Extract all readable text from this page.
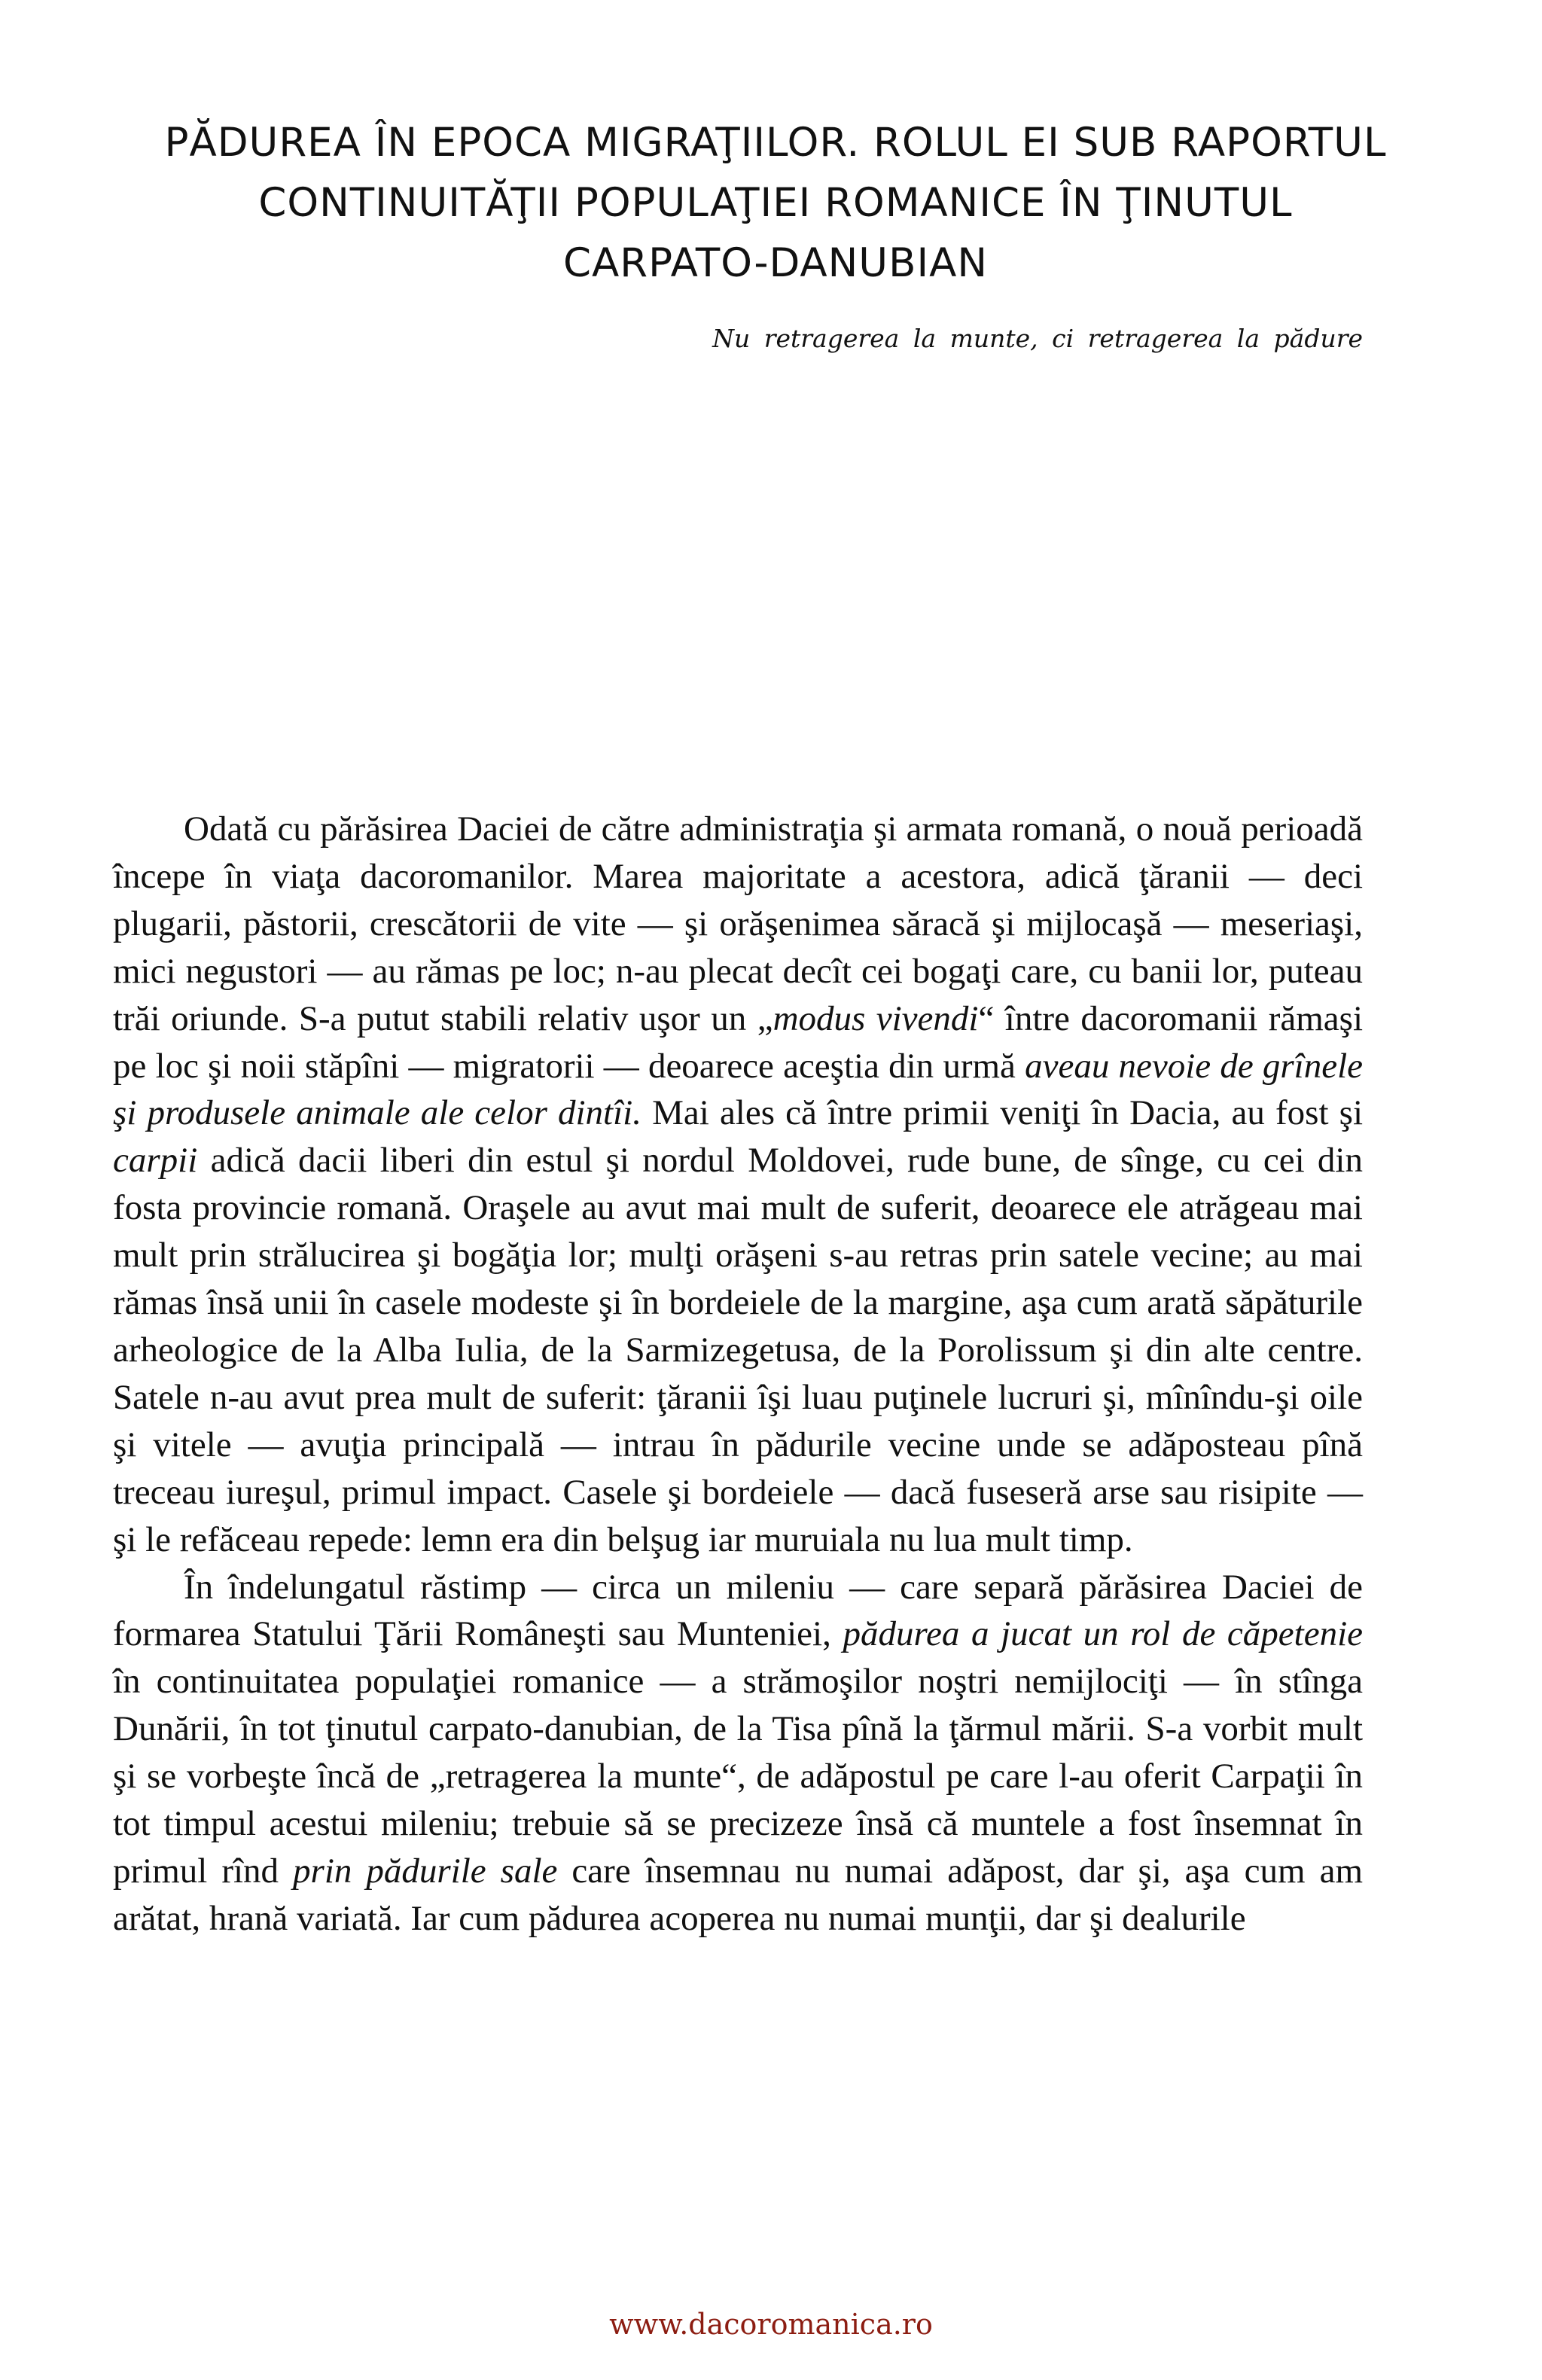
PĂDUREA ÎN EPOCA MIGRAŢIILOR. ROLUL EI SUB RAPORTUL
CONTINUITĂŢII POPULAŢIEI ROMANICE ÎN ŢINUTUL
CARPATO-DANUBIAN
Nu retragerea la munte, ci retragerea la pădure

Odată cu părăsirea Daciei de către administraţia şi armata romană, o nouă perioadă începe în viaţa dacoromanilor. Marea majoritate a acestora, adică ţăranii — deci plugarii, păstorii, crescătorii de vite — şi orăşenimea săracă şi mijlocaşă — meseriaşi, mici negustori — au rămas pe loc; n-au plecat decît cei bogaţi care, cu banii lor, puteau trăi oriunde. S-a putut stabili relativ uşor un „modus vivendi“ între dacoromanii rămaşi pe loc şi noii stăpîni — migratorii — deoarece aceştia din urmă aveau nevoie de grînele şi produsele animale ale celor dintîi. Mai ales că între primii veniţi în Dacia, au fost şi carpii adică dacii liberi din estul şi nordul Moldovei, rude bune, de sînge, cu cei din fosta provincie romană. Oraşele au avut mai mult de suferit, deoarece ele atrăgeau mai mult prin strălucirea şi bogăţia lor; mulţi orăşeni s-au retras prin satele vecine; au mai rămas însă unii în casele modeste şi în bordeiele de la margine, aşa cum arată săpăturile arheologice de la Alba Iulia, de la Sarmizegetusa, de la Porolissum şi din alte centre. Satele n-au avut prea mult de suferit: ţăranii îşi luau puţinele lucruri şi, mînîndu-şi oile şi vitele — avuţia principală — intrau în pădurile vecine unde se adăposteau pînă treceau iureşul, primul impact. Casele şi bordeiele — dacă fuseseră arse sau risipite — şi le refăceau repede: lemn era din belşug iar muruiala nu lua mult timp.

În îndelungatul răstimp — circa un mileniu — care separă părăsirea Daciei de formarea Statului Ţării Româneşti sau Munteniei, pădurea a jucat un rol de căpetenie în continuitatea populaţiei romanice — a strămoşilor noştri nemijlociţi — în stînga Dunării, în tot ţinutul carpato-danubian, de la Tisa pînă la ţărmul mării. S-a vorbit mult şi se vorbeşte încă de „retragerea la munte“, de adăpostul pe care l-au oferit Carpaţii în tot timpul acestui mileniu; trebuie să se precizeze însă că muntele a fost însemnat în primul rînd prin pădurile sale care însemnau nu numai adăpost, dar şi, aşa cum am arătat, hrană variată. Iar cum pădurea acoperea nu numai munţii, dar şi dealurile

www.dacoromanica.ro
